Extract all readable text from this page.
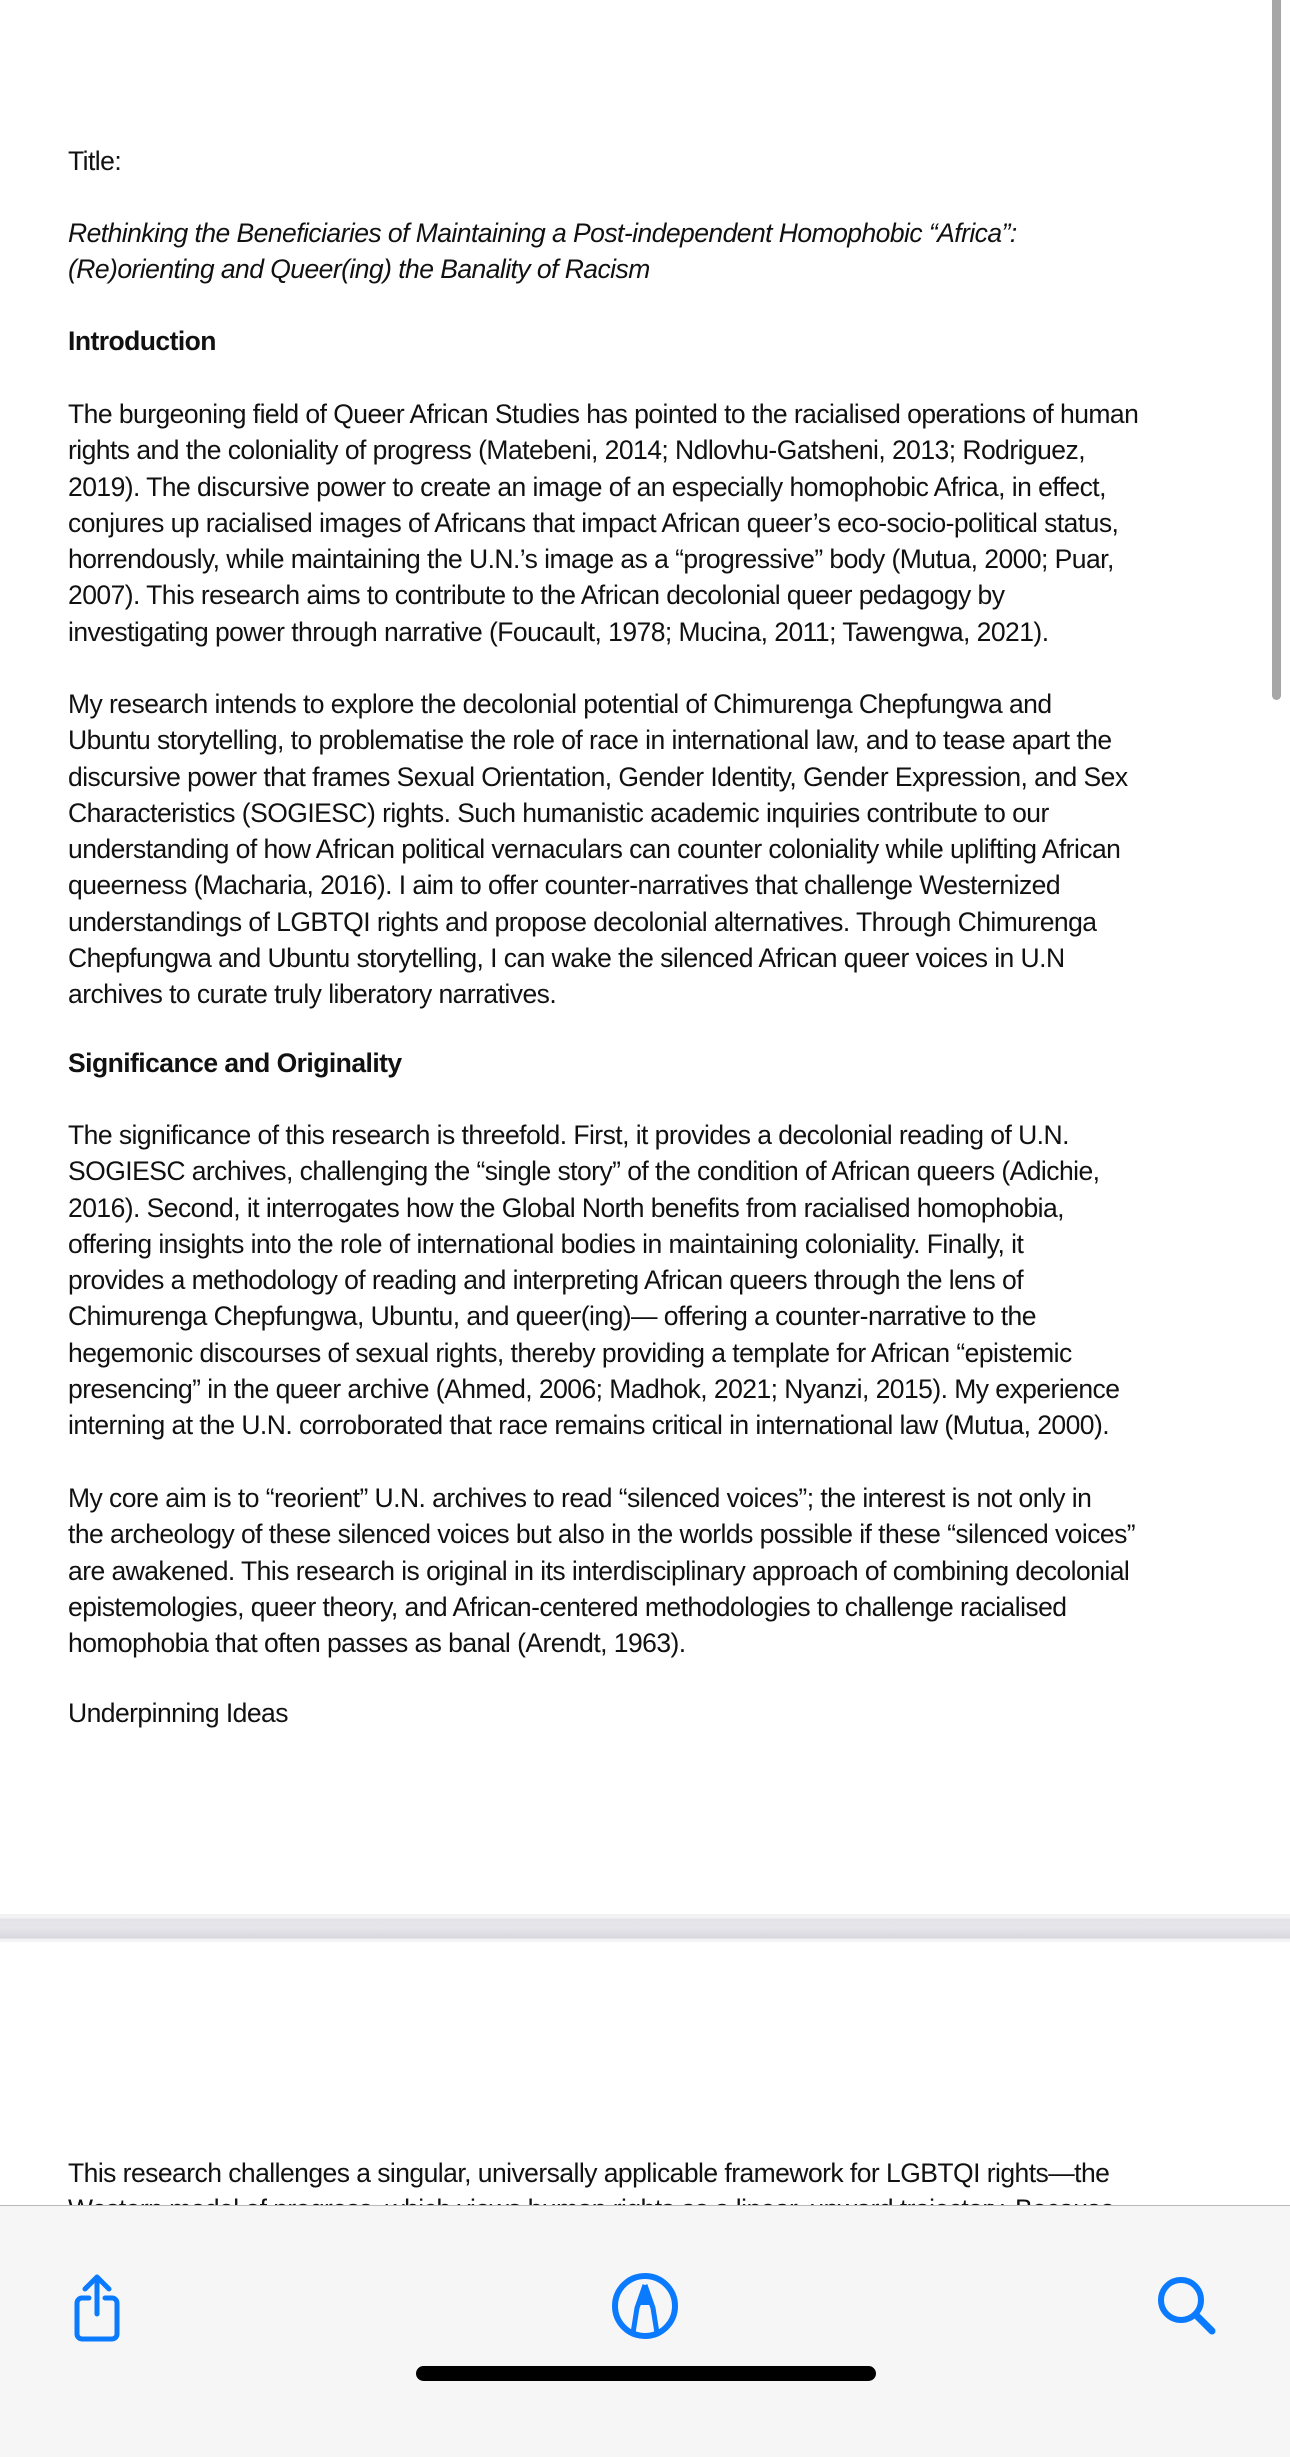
Title:

Rethinking the Beneficiaries of Maintaining a Post-independent Homophobic “Africa”:

(Re)orienting and Queer(ing) the Banality of Racism

Introduction

The burgeoning field of Queer African Studies has pointed to the racialised operations of human

rights and the coloniality of progress (Matebeni, 2014; Ndlovhu-Gatsheni, 2013; Rodriguez,

2019). The discursive power to create an image of an especially homophobic Africa, in effect,

conjures up racialised images of Africans that impact African queer’s eco-socio-political status,

horrendously, while maintaining the U.N.’s image as a “progressive” body (Mutua, 2000; Puar,

2007). This research aims to contribute to the African decolonial queer pedagogy by

investigating power through narrative (Foucault, 1978; Mucina, 2011; Tawengwa, 2021).

My research intends to explore the decolonial potential of Chimurenga Chepfungwa and

Ubuntu storytelling, to problematise the role of race in international law, and to tease apart the

discursive power that frames Sexual Orientation, Gender Identity, Gender Expression, and Sex

Characteristics (SOGIESC) rights. Such humanistic academic inquiries contribute to our

understanding of how African political vernaculars can counter coloniality while uplifting African

queerness (Macharia, 2016). I aim to offer counter-narratives that challenge Westernized

understandings of LGBTQI rights and propose decolonial alternatives. Through Chimurenga

Chepfungwa and Ubuntu storytelling, I can wake the silenced African queer voices in U.N

archives to curate truly liberatory narratives.

Significance and Originality

The significance of this research is threefold. First, it provides a decolonial reading of U.N.

SOGIESC archives, challenging the “single story” of the condition of African queers (Adichie,

2016). Second, it interrogates how the Global North benefits from racialised homophobia,

offering insights into the role of international bodies in maintaining coloniality. Finally, it

provides a methodology of reading and interpreting African queers through the lens of

Chimurenga Chepfungwa, Ubuntu, and queer(ing)— offering a counter-narrative to the

hegemonic discourses of sexual rights, thereby providing a template for African “epistemic

presencing” in the queer archive (Ahmed, 2006; Madhok, 2021; Nyanzi, 2015). My experience

interning at the U.N. corroborated that race remains critical in international law (Mutua, 2000).

My core aim is to “reorient” U.N. archives to read “silenced voices”; the interest is not only in

the archeology of these silenced voices but also in the worlds possible if these “silenced voices”

are awakened. This research is original in its interdisciplinary approach of combining decolonial

epistemologies, queer theory, and African-centered methodologies to challenge racialised

homophobia that often passes as banal (Arendt, 1963).

Underpinning Ideas

This research challenges a singular, universally applicable framework for LGBTQI rights—the
